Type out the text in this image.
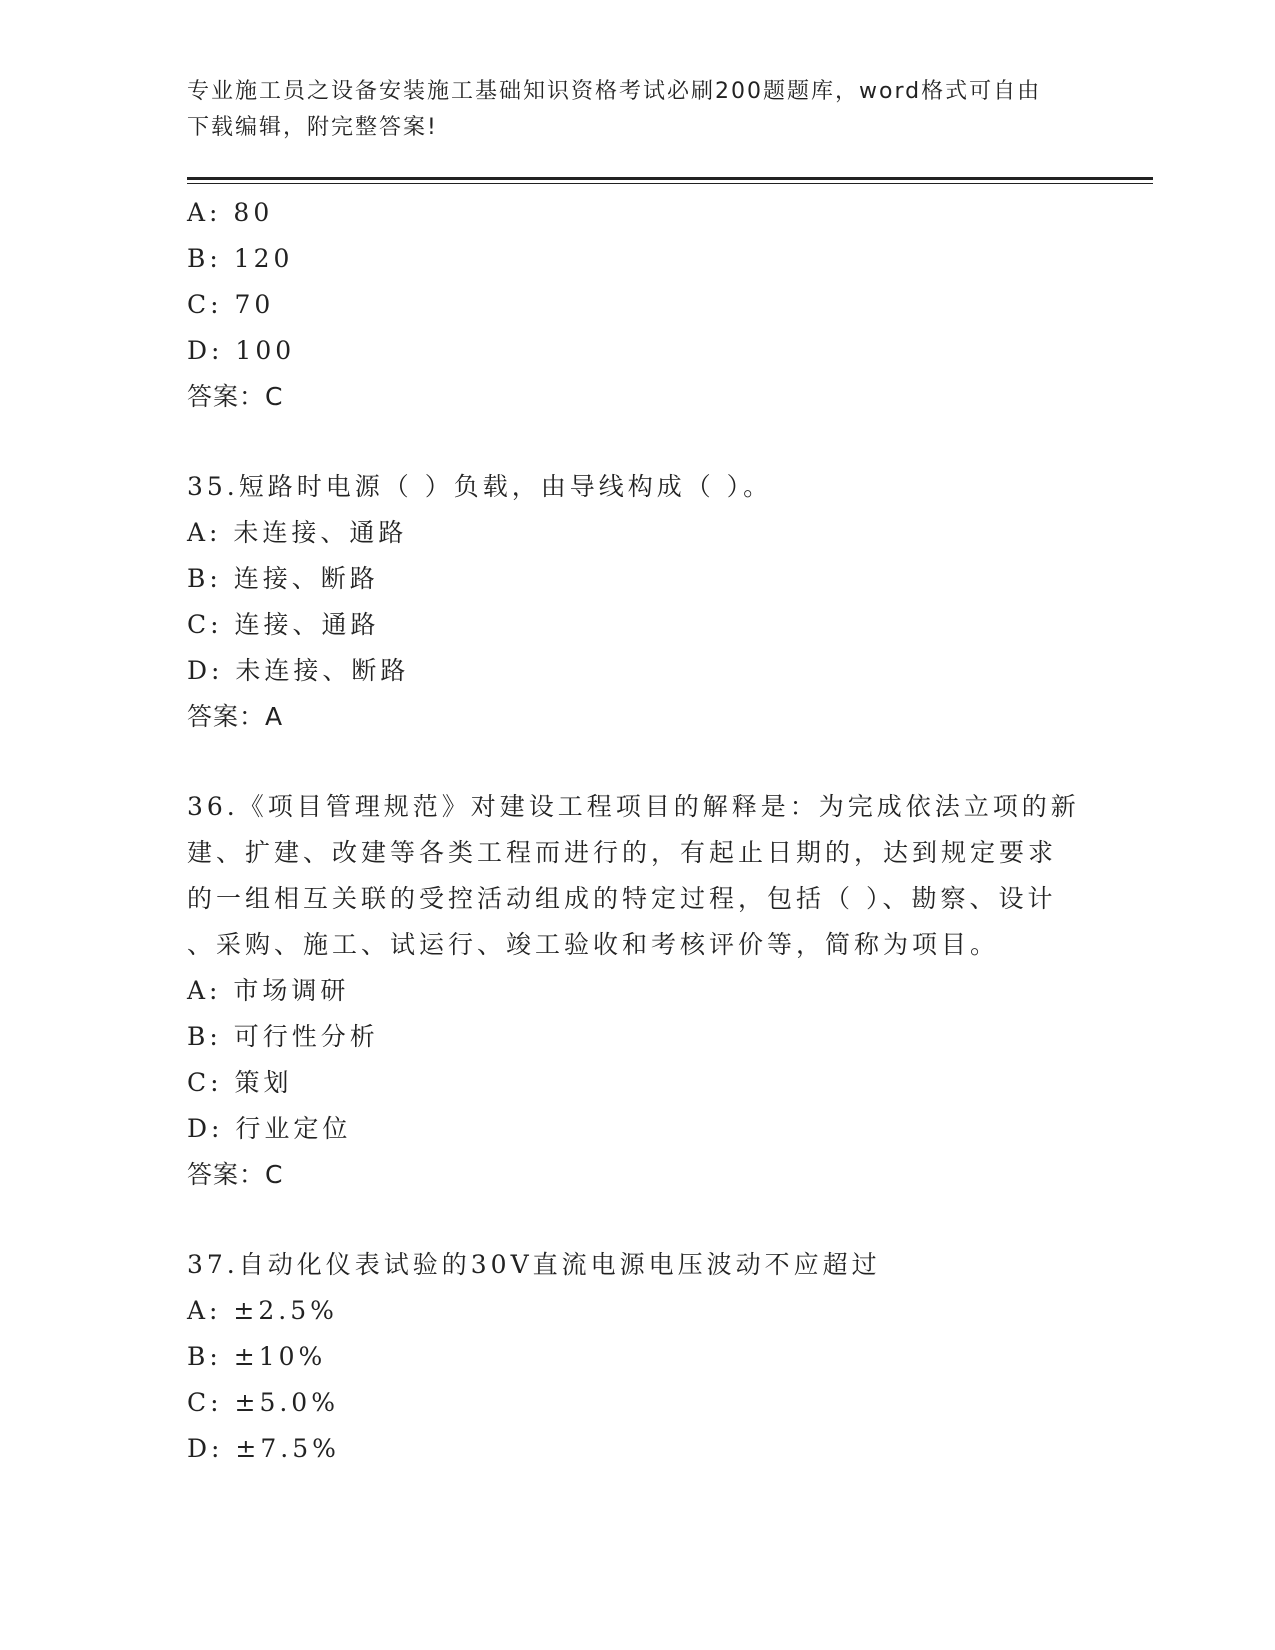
专业施工员之设备安装施工基础知识资格考试必刷200题题库，word格式可自由
下载编辑，附完整答案!
A: 80
B: 120
C: 70
D: 100
答案：C
35.短路时电源（ ）负载，由导线构成（ ）。
A: 未连接、通路
B: 连接、断路
C: 连接、通路
D: 未连接、断路
答案：A
36.《项目管理规范》对建设工程项目的解释是：为完成依法立项的新
建、扩建、改建等各类工程而进行的，有起止日期的，达到规定要求
的一组相互关联的受控活动组成的特定过程，包括（ ）、勘察、设计
、采购、施工、试运行、竣工验收和考核评价等，简称为项目。
A: 市场调研
B: 可行性分析
C: 策划
D: 行业定位
答案：C
37.自动化仪表试验的30V直流电源电压波动不应超过
A: ±2.5%
B: ±10%
C: ±5.0%
D: ±7.5%
